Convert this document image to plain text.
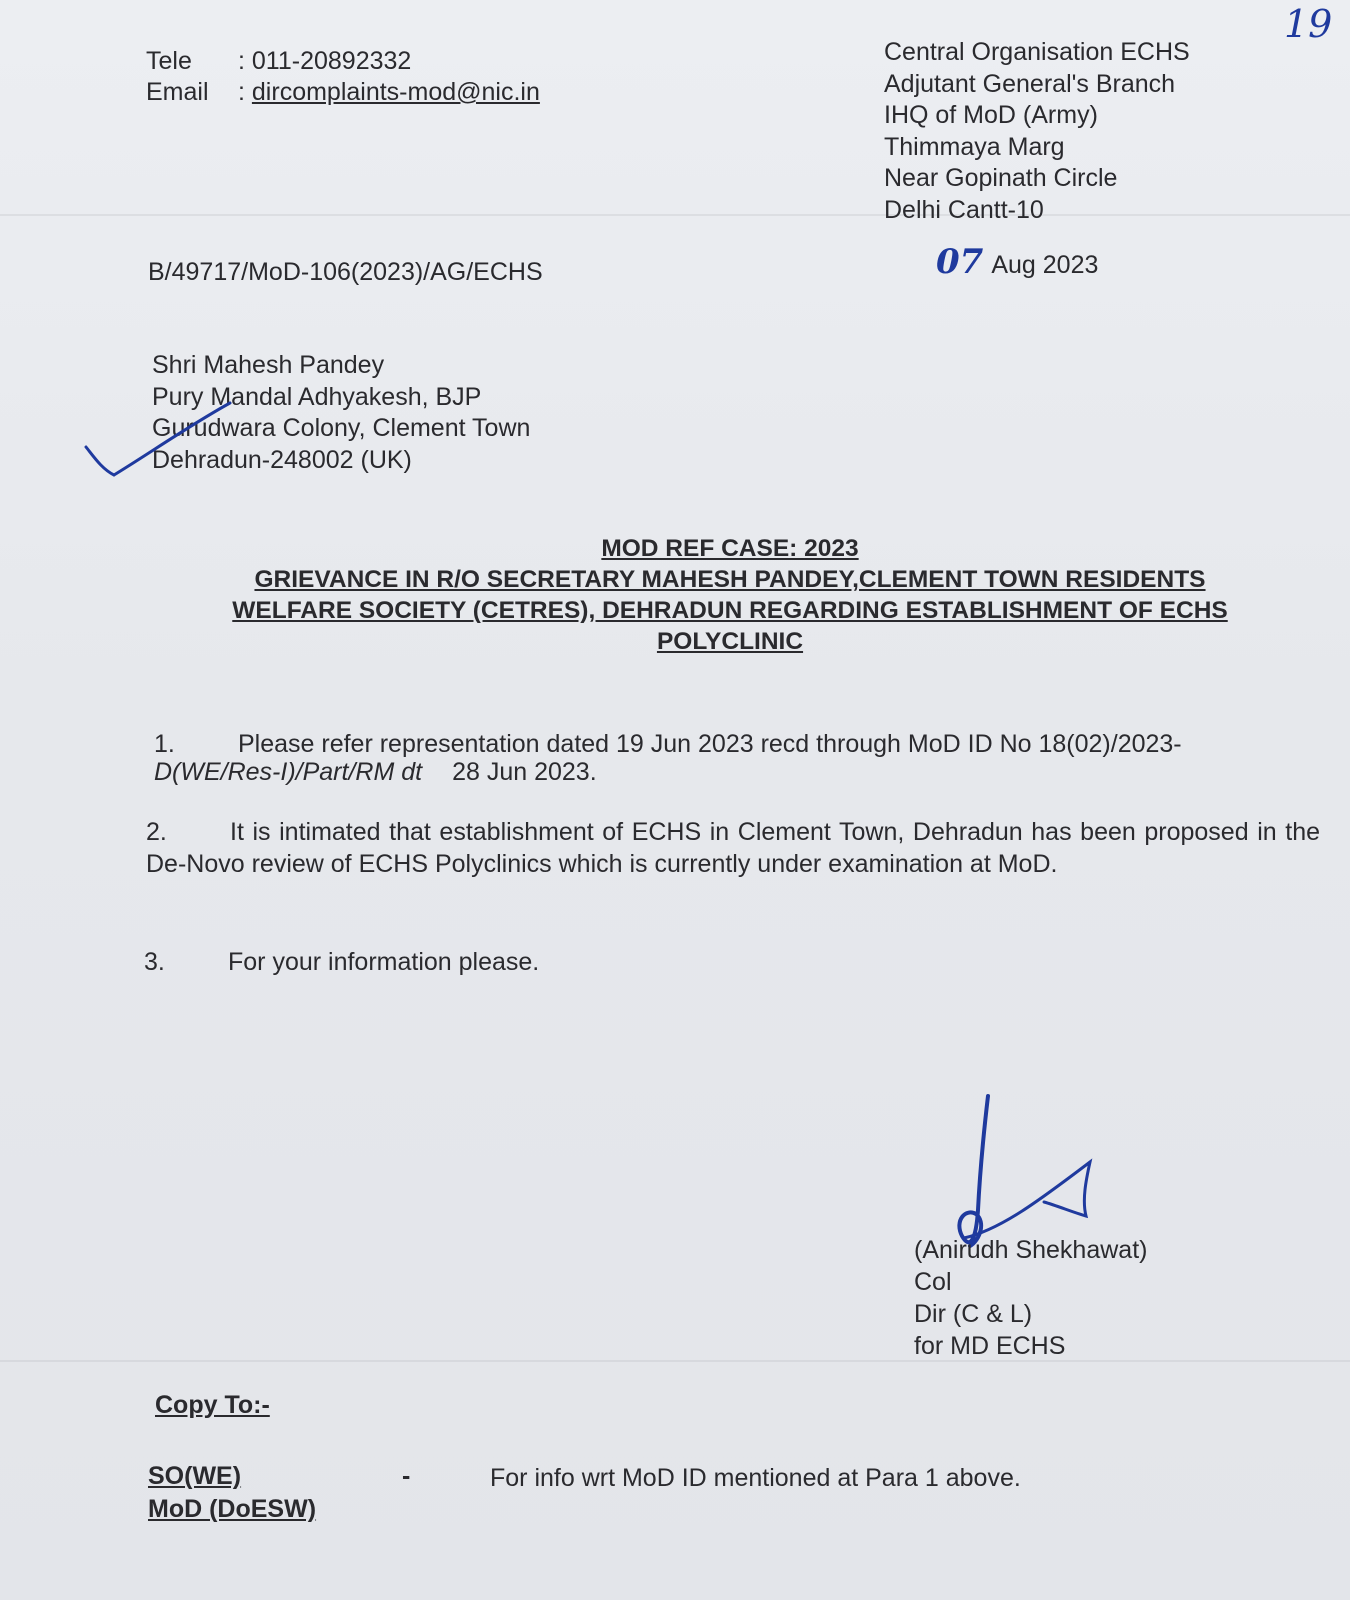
19
Tele : 011-20892332
Email : dircomplaints-mod@nic.in
Central Organisation ECHS
Adjutant General's Branch
IHQ of MoD (Army)
Thimmaya Marg
Near Gopinath Circle
Delhi Cantt-10
B/49717/MoD-106(2023)/AG/ECHS	07 Aug 2023
Shri Mahesh Pandey
Pury Mandal Adhyakesh, BJP
Gurudwara Colony, Clement Town
Dehradun-248002 (UK)
MOD REF CASE: 2023
GRIEVANCE IN R/O SECRETARY MAHESH PANDEY,CLEMENT TOWN RESIDENTS
WELFARE SOCIETY (CETRES), DEHRADUN REGARDING ESTABLISHMENT OF ECHS
POLYCLINIC
1.	Please refer representation dated 19 Jun 2023 recd through MoD ID No 18(02)/2023-
D(WE/Res-I)/Part/RM dt 28 Jun 2023.
2.	It is intimated that establishment of ECHS in Clement Town, Dehradun has been proposed in the De-Novo review of ECHS Polyclinics which is currently under examination at MoD.
3.	For your information please.
(Anirudh Shekhawat)
Col
Dir (C & L)
for MD ECHS
Copy To:-
SO(WE)
MoD (DoESW)
-	For info wrt MoD ID mentioned at Para 1 above.
